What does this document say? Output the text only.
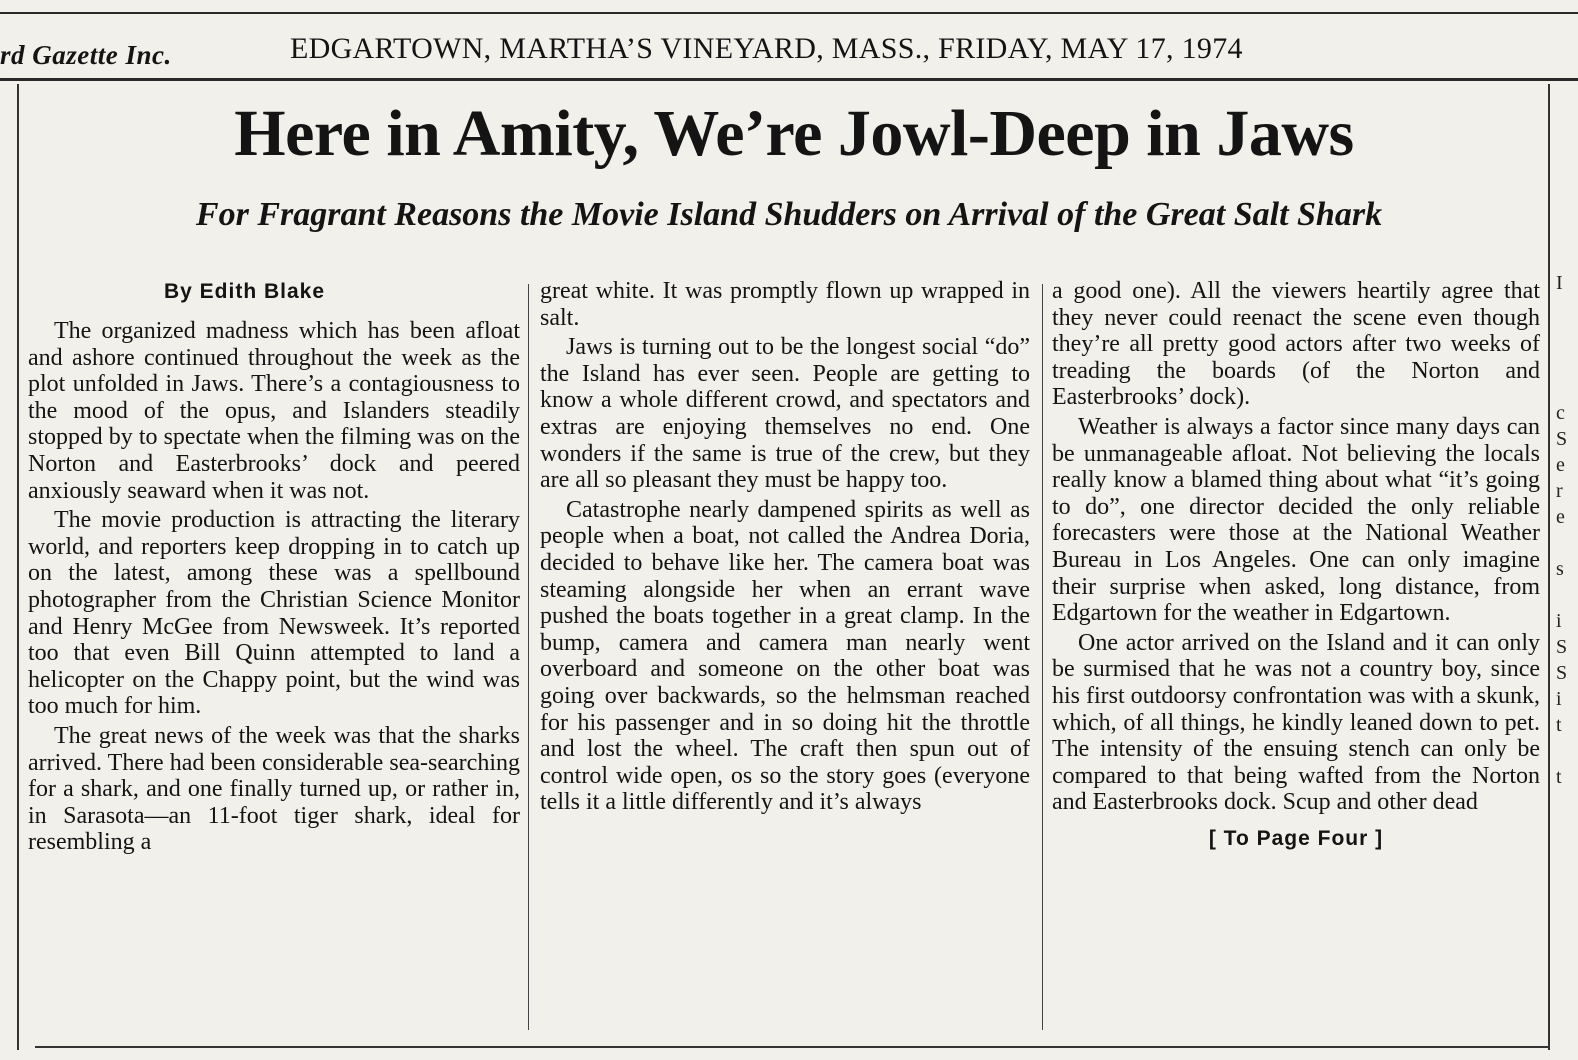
rd Gazette Inc.	EDGARTOWN, MARTHA’S VINEYARD, MASS., FRIDAY, MAY 17, 1974
I
c
S
e
r
e
s
i
S
S
i
t
t
Here in Amity, We’re Jowl-Deep in Jaws
For Fragrant Reasons the Movie Island Shudders on Arrival of the Great Salt Shark
By Edith Blake

The organized madness which has been afloat and ashore continued throughout the week as the plot unfolded in Jaws. There’s a contagiousness to the mood of the opus, and Islanders steadily stopped by to spectate when the filming was on the Norton and Easterbrooks’ dock and peered anxiously seaward when it was not.

The movie production is attracting the literary world, and reporters keep dropping in to catch up on the latest, among these was a spellbound photographer from the Christian Science Monitor and Henry McGee from Newsweek. It’s reported too that even Bill Quinn attempted to land a helicopter on the Chappy point, but the wind was too much for him.

The great news of the week was that the sharks arrived. There had been considerable sea-searching for a shark, and one finally turned up, or rather in, in Sarasota—an 11-foot tiger shark, ideal for resembling a

great white. It was promptly flown up wrapped in salt.

Jaws is turning out to be the longest social “do” the Island has ever seen. People are getting to know a whole different crowd, and spectators and extras are enjoying themselves no end. One wonders if the same is true of the crew, but they are all so pleasant they must be happy too.

Catastrophe nearly dampened spirits as well as people when a boat, not called the Andrea Doria, decided to behave like her. The camera boat was steaming alongside her when an errant wave pushed the boats together in a great clamp. In the bump, camera and camera man nearly went overboard and someone on the other boat was going over backwards, so the helmsman reached for his passenger and in so doing hit the throttle and lost the wheel. The craft then spun out of control wide open, os so the story goes (everyone tells it a little differently and it’s always

a good one). All the viewers heartily agree that they never could reenact the scene even though they’re all pretty good actors after two weeks of treading the boards (of the Norton and Easterbrooks’ dock).

Weather is always a factor since many days can be unmanageable afloat. Not believing the locals really know a blamed thing about what “it’s going to do”, one director decided the only reliable forecasters were those at the National Weather Bureau in Los Angeles. One can only imagine their surprise when asked, long distance, from Edgartown for the weather in Edgartown.

One actor arrived on the Island and it can only be surmised that he was not a country boy, since his first outdoorsy confrontation was with a skunk, which, of all things, he kindly leaned down to pet. The intensity of the ensuing stench can only be compared to that being wafted from the Norton and Easterbrooks dock. Scup and other dead

[ To Page Four ]
